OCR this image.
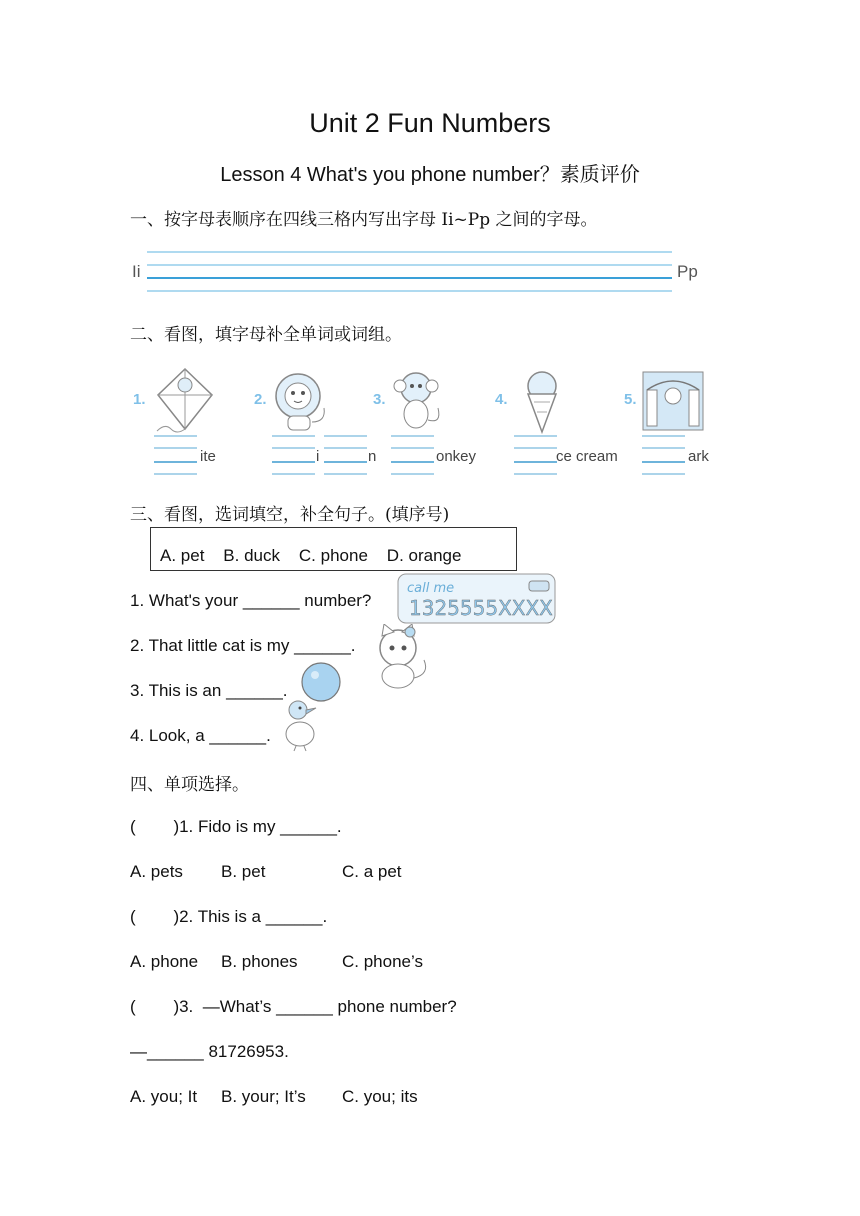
Unit 2 Fun Numbers
Lesson 4 What's you phone number？素质评价
一、按字母表顺序在四线三格内写出字母 Ii~Pp 之间的字母。
Ii	Pp
二、看图，填字母补全单词或词组。
1.
ite
2.
i	n
3.
onkey
4.
ce cream
5.
ark
三、看图，选词填空，补全句子。(填序号)
A. pet    B. duck    C. phone    D. orange
1. What's your ______ number?
call me
1325555XXXX
2. That little cat is my ______.
3. This is an ______.
4. Look, a ______.
四、单项选择。
(        )1. Fido is my ______.
A. pets B. pet	C. a pet
(        )2. This is a ______.
A. phone B. phones	C. phone’s
(        )3.  —What’s ______ phone number?
—______ 81726953.
A. you; It B. your; It’s C. you; its
